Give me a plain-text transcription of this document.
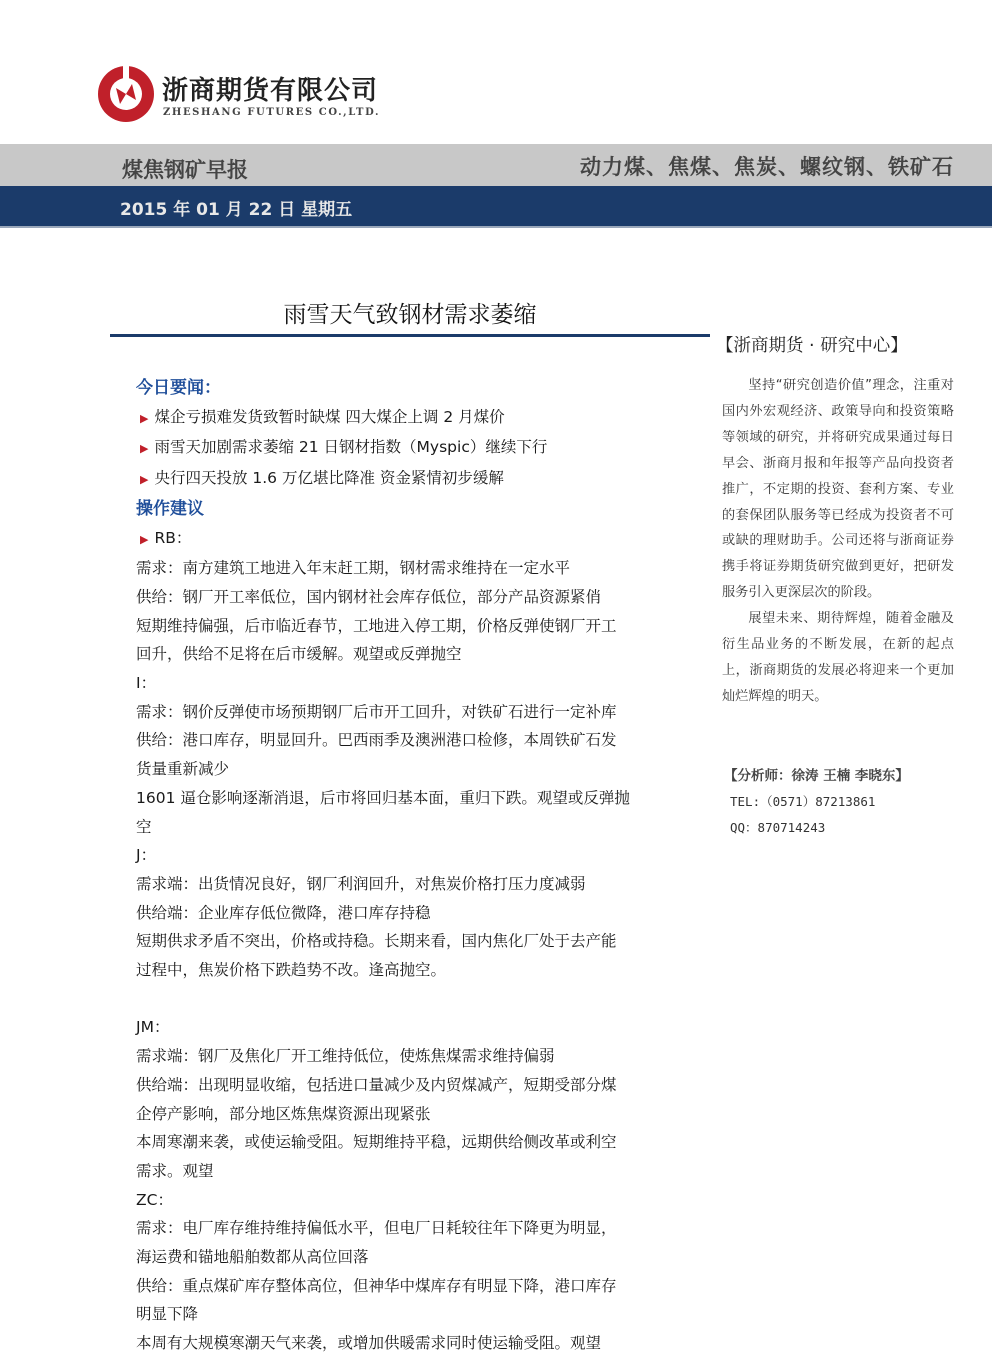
浙商期货有限公司
ZHESHANG FUTURES CO.,LTD.
煤焦钢矿早报	动力煤、焦煤、焦炭、螺纹钢、铁矿石
2015 年 01 月 22 日 星期五
雨雪天气致钢材需求萎缩
今日要闻：
▶ 煤企亏损难发货致暂时缺煤 四大煤企上调 2 月煤价
▶ 雨雪天加剧需求萎缩 21 日钢材指数（Myspic）继续下行
▶ 央行四天投放 1.6 万亿堪比降准 资金紧情初步缓解
操作建议
▶ RB：
需求：南方建筑工地进入年末赶工期，钢材需求维持在一定水平
供给：钢厂开工率低位，国内钢材社会库存低位，部分产品资源紧俏
短期维持偏强，后市临近春节，工地进入停工期，价格反弹使钢厂开工
回升，供给不足将在后市缓解。观望或反弹抛空
I：
需求：钢价反弹使市场预期钢厂后市开工回升，对铁矿石进行一定补库
供给：港口库存，明显回升。巴西雨季及澳洲港口检修，本周铁矿石发
货量重新减少
1601 逼仓影响逐渐消退，后市将回归基本面，重归下跌。观望或反弹抛
空
J：
需求端：出货情况良好，钢厂利润回升，对焦炭价格打压力度减弱
供给端：企业库存低位微降，港口库存持稳
短期供求矛盾不突出，价格或持稳。长期来看，国内焦化厂处于去产能
过程中，焦炭价格下跌趋势不改。逢高抛空。
JM：
需求端：钢厂及焦化厂开工维持低位，使炼焦煤需求维持偏弱
供给端：出现明显收缩，包括进口量减少及内贸煤减产，短期受部分煤
企停产影响，部分地区炼焦煤资源出现紧张
本周寒潮来袭，或使运输受阻。短期维持平稳，远期供给侧改革或利空
需求。观望
ZC：
需求：电厂库存维持维持偏低水平，但电厂日耗较往年下降更为明显，
海运费和锚地船舶数都从高位回落
供给：重点煤矿库存整体高位，但神华中煤库存有明显下降，港口库存
明显下降
本周有大规模寒潮天气来袭，或增加供暖需求同时使运输受阻。观望
【浙商期货 · 研究中心】

坚持“研究创造价值”理念，注重对国内外宏观经济、政策导向和投资策略等领域的研究，并将研究成果通过每日早会、浙商月报和年报等产品向投资者推广，不定期的投资、套利方案、专业的套保团队服务等已经成为投资者不可或缺的理财助手。公司还将与浙商证券携手将证券期货研究做到更好，把研发服务引入更深层次的阶段。

展望未来、期待辉煌，随着金融及衍生品业务的不断发展，在新的起点上，浙商期货的发展必将迎来一个更加灿烂辉煌的明天。

【分析师：徐涛 王楠 李晓东】
TEL:（0571）87213861
QQ：870714243
